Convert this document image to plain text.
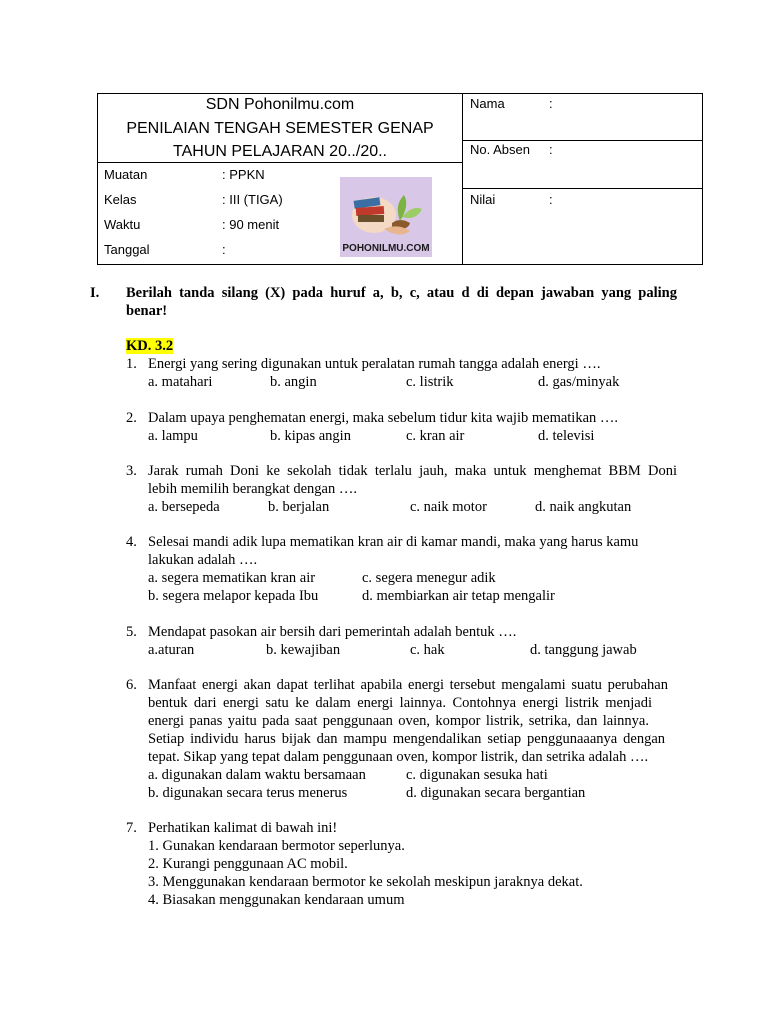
SDN Pohonilmu.com
PENILAIAN TENGAH SEMESTER GENAP
TAHUN PELAJARAN 20../20..
Muatan	: PPKN
Kelas	: III (TIGA)
Waktu	: 90 menit
Tanggal	:	POHONILMU.COM
Nama	:
No. Absen :
Nilai	:
I. Berilah tanda silang (X) pada huruf a, b, c, atau d di depan jawaban yang paling
benar!
KD. 3.2
1. Energi yang sering digunakan untuk peralatan rumah tangga adalah energi ….
a. matahari	b. angin	c. listrik	d. gas/minyak
2. Dalam upaya penghematan energi, maka sebelum tidur kita wajib mematikan ….
a. lampu	b. kipas angin	c. kran air	d. televisi
3. Jarak rumah Doni ke sekolah tidak terlalu jauh, maka untuk menghemat BBM Doni
lebih memilih berangkat dengan ….
a. bersepeda	b. berjalan	c. naik motor	d. naik angkutan
4. Selesai mandi adik lupa mematikan kran air di kamar mandi, maka yang harus kamu
lakukan adalah ….
a. segera mematikan kran air	c. segera menegur adik
b. segera melapor kepada Ibu	d. membiarkan air tetap mengalir
5. Mendapat pasokan air bersih dari pemerintah adalah bentuk ….
a.aturan	b. kewajiban	c. hak	d. tanggung jawab
6. Manfaat energi akan dapat terlihat apabila energi tersebut mengalami suatu perubahan
bentuk dari energi satu ke dalam energi lainnya. Contohnya energi listrik menjadi
energi panas yaitu pada saat penggunaan oven, kompor listrik, setrika, dan lainnya.
Setiap individu harus bijak dan mampu mengendalikan setiap penggunaaanya dengan
tepat. Sikap yang tepat dalam penggunaan oven, kompor listrik, dan setrika adalah ….
a. digunakan dalam waktu bersamaan	c. digunakan sesuka hati
b. digunakan secara terus menerus	d. digunakan secara bergantian
7. Perhatikan kalimat di bawah ini!
1. Gunakan kendaraan bermotor seperlunya.
2. Kurangi penggunaan AC mobil.
3. Menggunakan kendaraan bermotor ke sekolah meskipun jaraknya dekat.
4. Biasakan menggunakan kendaraan umum
